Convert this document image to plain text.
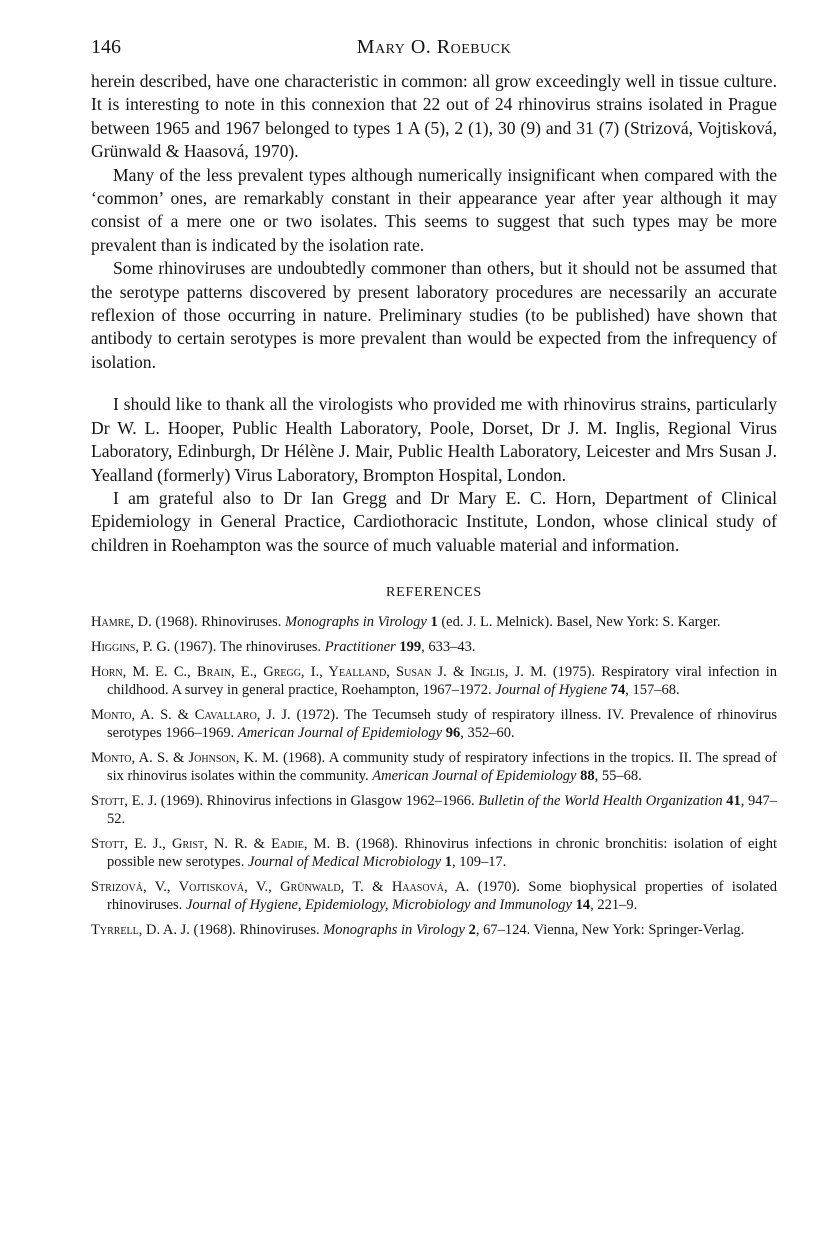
146	Mary O. Roebuck

herein described, have one characteristic in common: all grow exceedingly well in tissue culture. It is interesting to note in this connexion that 22 out of 24 rhinovirus strains isolated in Prague between 1965 and 1967 belonged to types 1 A (5), 2 (1), 30 (9) and 31 (7) (Strizová, Vojtisková, Grünwald & Haasová, 1970).

Many of the less prevalent types although numerically insignificant when compared with the ‘common’ ones, are remarkably constant in their appearance year after year although it may consist of a mere one or two isolates. This seems to suggest that such types may be more prevalent than is indicated by the isolation rate.

Some rhinoviruses are undoubtedly commoner than others, but it should not be assumed that the serotype patterns discovered by present laboratory procedures are necessarily an accurate reflexion of those occurring in nature. Preliminary studies (to be published) have shown that antibody to certain serotypes is more prevalent than would be expected from the infrequency of isolation.

I should like to thank all the virologists who provided me with rhinovirus strains, particularly Dr W. L. Hooper, Public Health Laboratory, Poole, Dorset, Dr J. M. Inglis, Regional Virus Laboratory, Edinburgh, Dr Hélène J. Mair, Public Health Laboratory, Leicester and Mrs Susan J. Yealland (formerly) Virus Laboratory, Brompton Hospital, London.

I am grateful also to Dr Ian Gregg and Dr Mary E. C. Horn, Department of Clinical Epidemiology in General Practice, Cardiothoracic Institute, London, whose clinical study of children in Roehampton was the source of much valuable material and information.

REFERENCES
Hamre, D. (1968). Rhinoviruses. Monographs in Virology 1 (ed. J. L. Melnick). Basel, New York: S. Karger.
Higgins, P. G. (1967). The rhinoviruses. Practitioner 199, 633–43.
Horn, M. E. C., Brain, E., Gregg, I., Yealland, Susan J. & Inglis, J. M. (1975). Respiratory viral infection in childhood. A survey in general practice, Roehampton, 1967–1972. Journal of Hygiene 74, 157–68.
Monto, A. S. & Cavallaro, J. J. (1972). The Tecumseh study of respiratory illness. IV. Prevalence of rhinovirus serotypes 1966–1969. American Journal of Epidemiology 96, 352–60.
Monto, A. S. & Johnson, K. M. (1968). A community study of respiratory infections in the tropics. II. The spread of six rhinovirus isolates within the community. American Journal of Epidemiology 88, 55–68.
Stott, E. J. (1969). Rhinovirus infections in Glasgow 1962–1966. Bulletin of the World Health Organization 41, 947–52.
Stott, E. J., Grist, N. R. & Eadie, M. B. (1968). Rhinovirus infections in chronic bronchitis: isolation of eight possible new serotypes. Journal of Medical Microbiology 1, 109–17.
Strizová, V., Vojtisková, V., Grünwald, T. & Haasová, A. (1970). Some biophysical properties of isolated rhinoviruses. Journal of Hygiene, Epidemiology, Microbiology and Immunology 14, 221–9.
Tyrrell, D. A. J. (1968). Rhinoviruses. Monographs in Virology 2, 67–124. Vienna, New York: Springer-Verlag.
